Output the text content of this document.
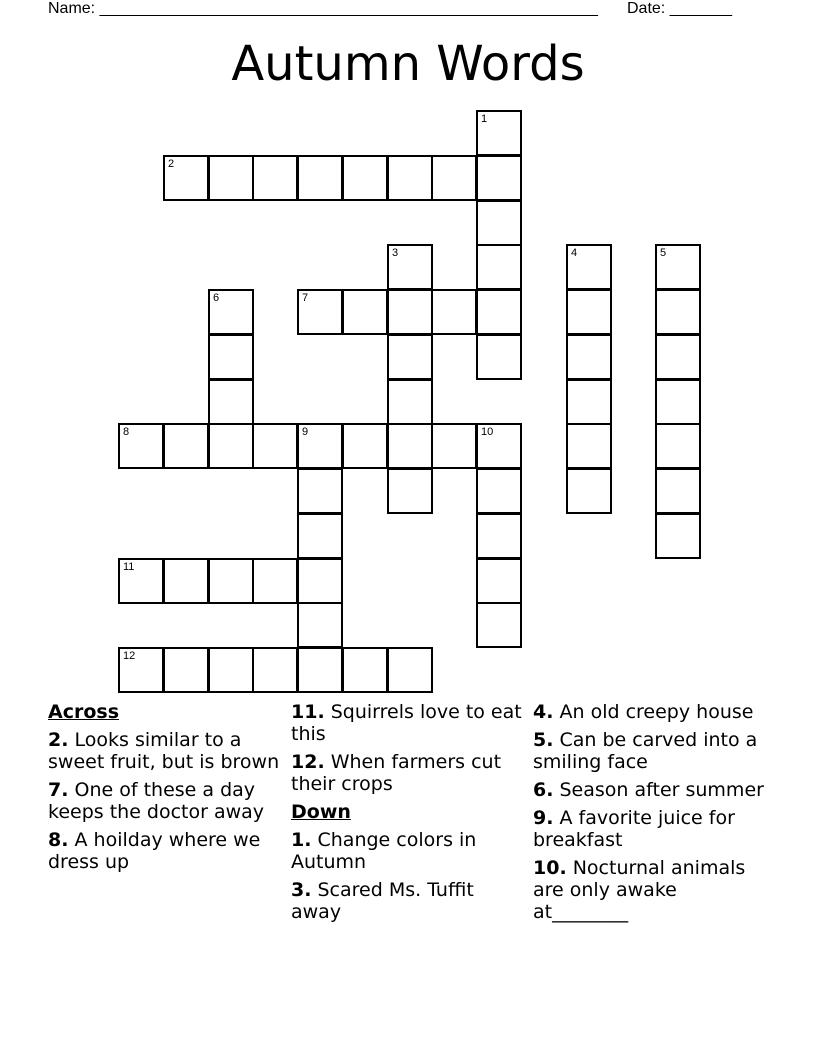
Name: ________________________________________________________ Date: _______
Autumn Words
1
2
3	4	5
6	7
8	9	10
11
12
Across
2. Looks similar to a sweet fruit, but is brown
7. One of these a day keeps the doctor away
8. A hoilday where we dress up
11. Squirrels love to eat this
12. When farmers cut their crops
Down
1. Change colors in Autumn
3. Scared Ms. Tuffit away
4. An old creepy house
5. Can be carved into a smiling face
6. Season after summer
9. A favorite juice for breakfast
10. Nocturnal animals are only awake at________
